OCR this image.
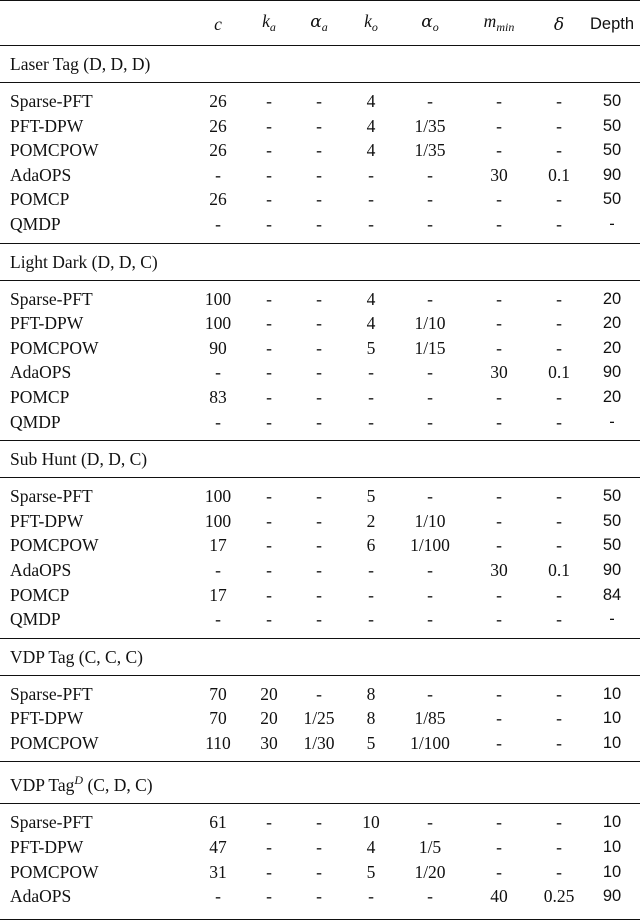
	c	$k_a$	$\alpha_a$	$k_o$	$\alpha_o$	$m_{min}$	δ	Depth
Laser Tag (D, D, D)								

Sparse-PFT	26	-	-	4	-	-	-	50
PFT-DPW	26	-	-	4	1/35	-	-	50
POMCPOW	26	-	-	4	1/35	-	-	50
AdaOPS	-	-	-	-	-	30	0.1	90
POMCP	26	-	-	-	-	-	-	50
QMDP	-	-	-	-	-	-	-	-

Light Dark (D, D, C)								

Sparse-PFT	100	-	-	4	-	-	-	20
PFT-DPW	100	-	-	4	1/10	-	-	20
POMCPOW	90	-	-	5	1/15	-	-	20
AdaOPS	-	-	-	-	-	30	0.1	90
POMCP	83	-	-	-	-	-	-	20
QMDP	-	-	-	-	-	-	-	-

Sub Hunt (D, D, C)								

Sparse-PFT	100	-	-	5	-	-	-	50
PFT-DPW	100	-	-	2	1/10	-	-	50
POMCPOW	17	-	-	6	1/100	-	-	50
AdaOPS	-	-	-	-	-	30	0.1	90
POMCP	17	-	-	-	-	-	-	84
QMDP	-	-	-	-	-	-	-	-

VDP Tag (C, C, C)								

Sparse-PFT	70	20	-	8	-	-	-	10
PFT-DPW	70	20	1/25	8	1/85	-	-	10
POMCPOW	110	30	1/30	5	1/100	-	-	10

VDP Tag$^D$ (C, D, C)								

Sparse-PFT	61	-	-	10	-	-	-	10
PFT-DPW	47	-	-	4	1/5	-	-	10
POMCPOW	31	-	-	5	1/20	-	-	10
AdaOPS	-	-	-	-	-	40	0.25	90
